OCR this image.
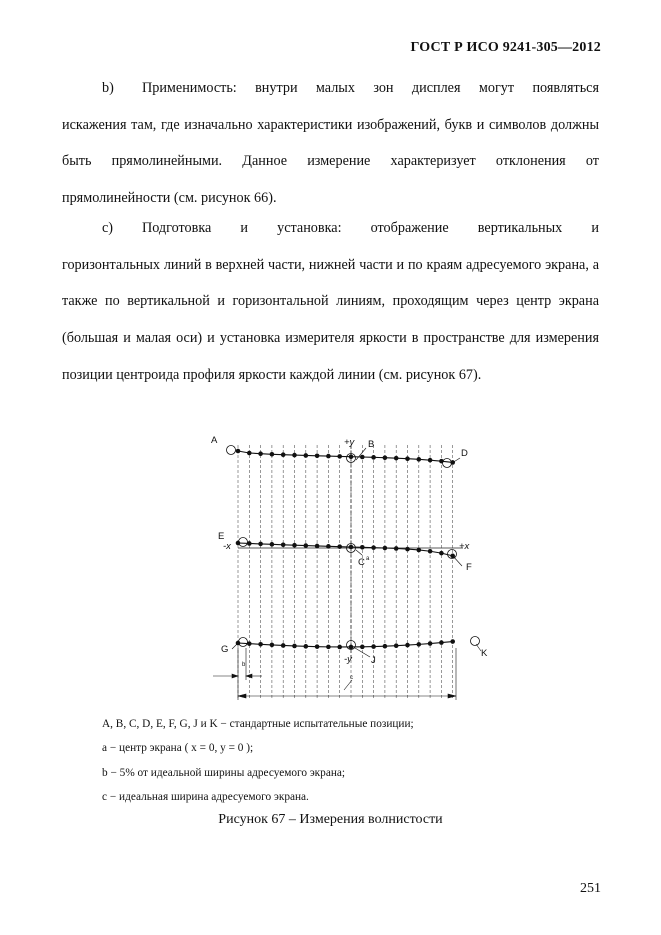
ГОСТ Р ИСО 9241-305—2012

b) Применимость: внутри малых зон дисплея могут появляться
искажения там, где изначально характеристики изображений, букв и символов должны быть прямолинейными. Данное измерение характеризует отклонения от прямолинейности (см. рисунок 66).

c) Подготовка и установка: отображение вертикальных и
горизонтальных линий в верхней части, нижней части и по краям адресуемого экрана, а также по вертикальной и горизонтальной линиям, проходящим через центр экрана (большая и малая оси) и установка измерителя яркости в пространстве для измерения позиции центроида профиля яркости каждой линии (см. рисунок 67).

A	B
+y
D
E
-x	+x
C a
F
G
-y J
K
b
c

A, B, C, D, E, F, G, J и K − стандартные испытательные позиции;

a − центр экрана ( x = 0, y = 0 );

b − 5% от идеальной ширины адресуемого экрана;

c − идеальная ширина адресуемого экрана.

Рисунок 67 – Измерения волнистости
251
